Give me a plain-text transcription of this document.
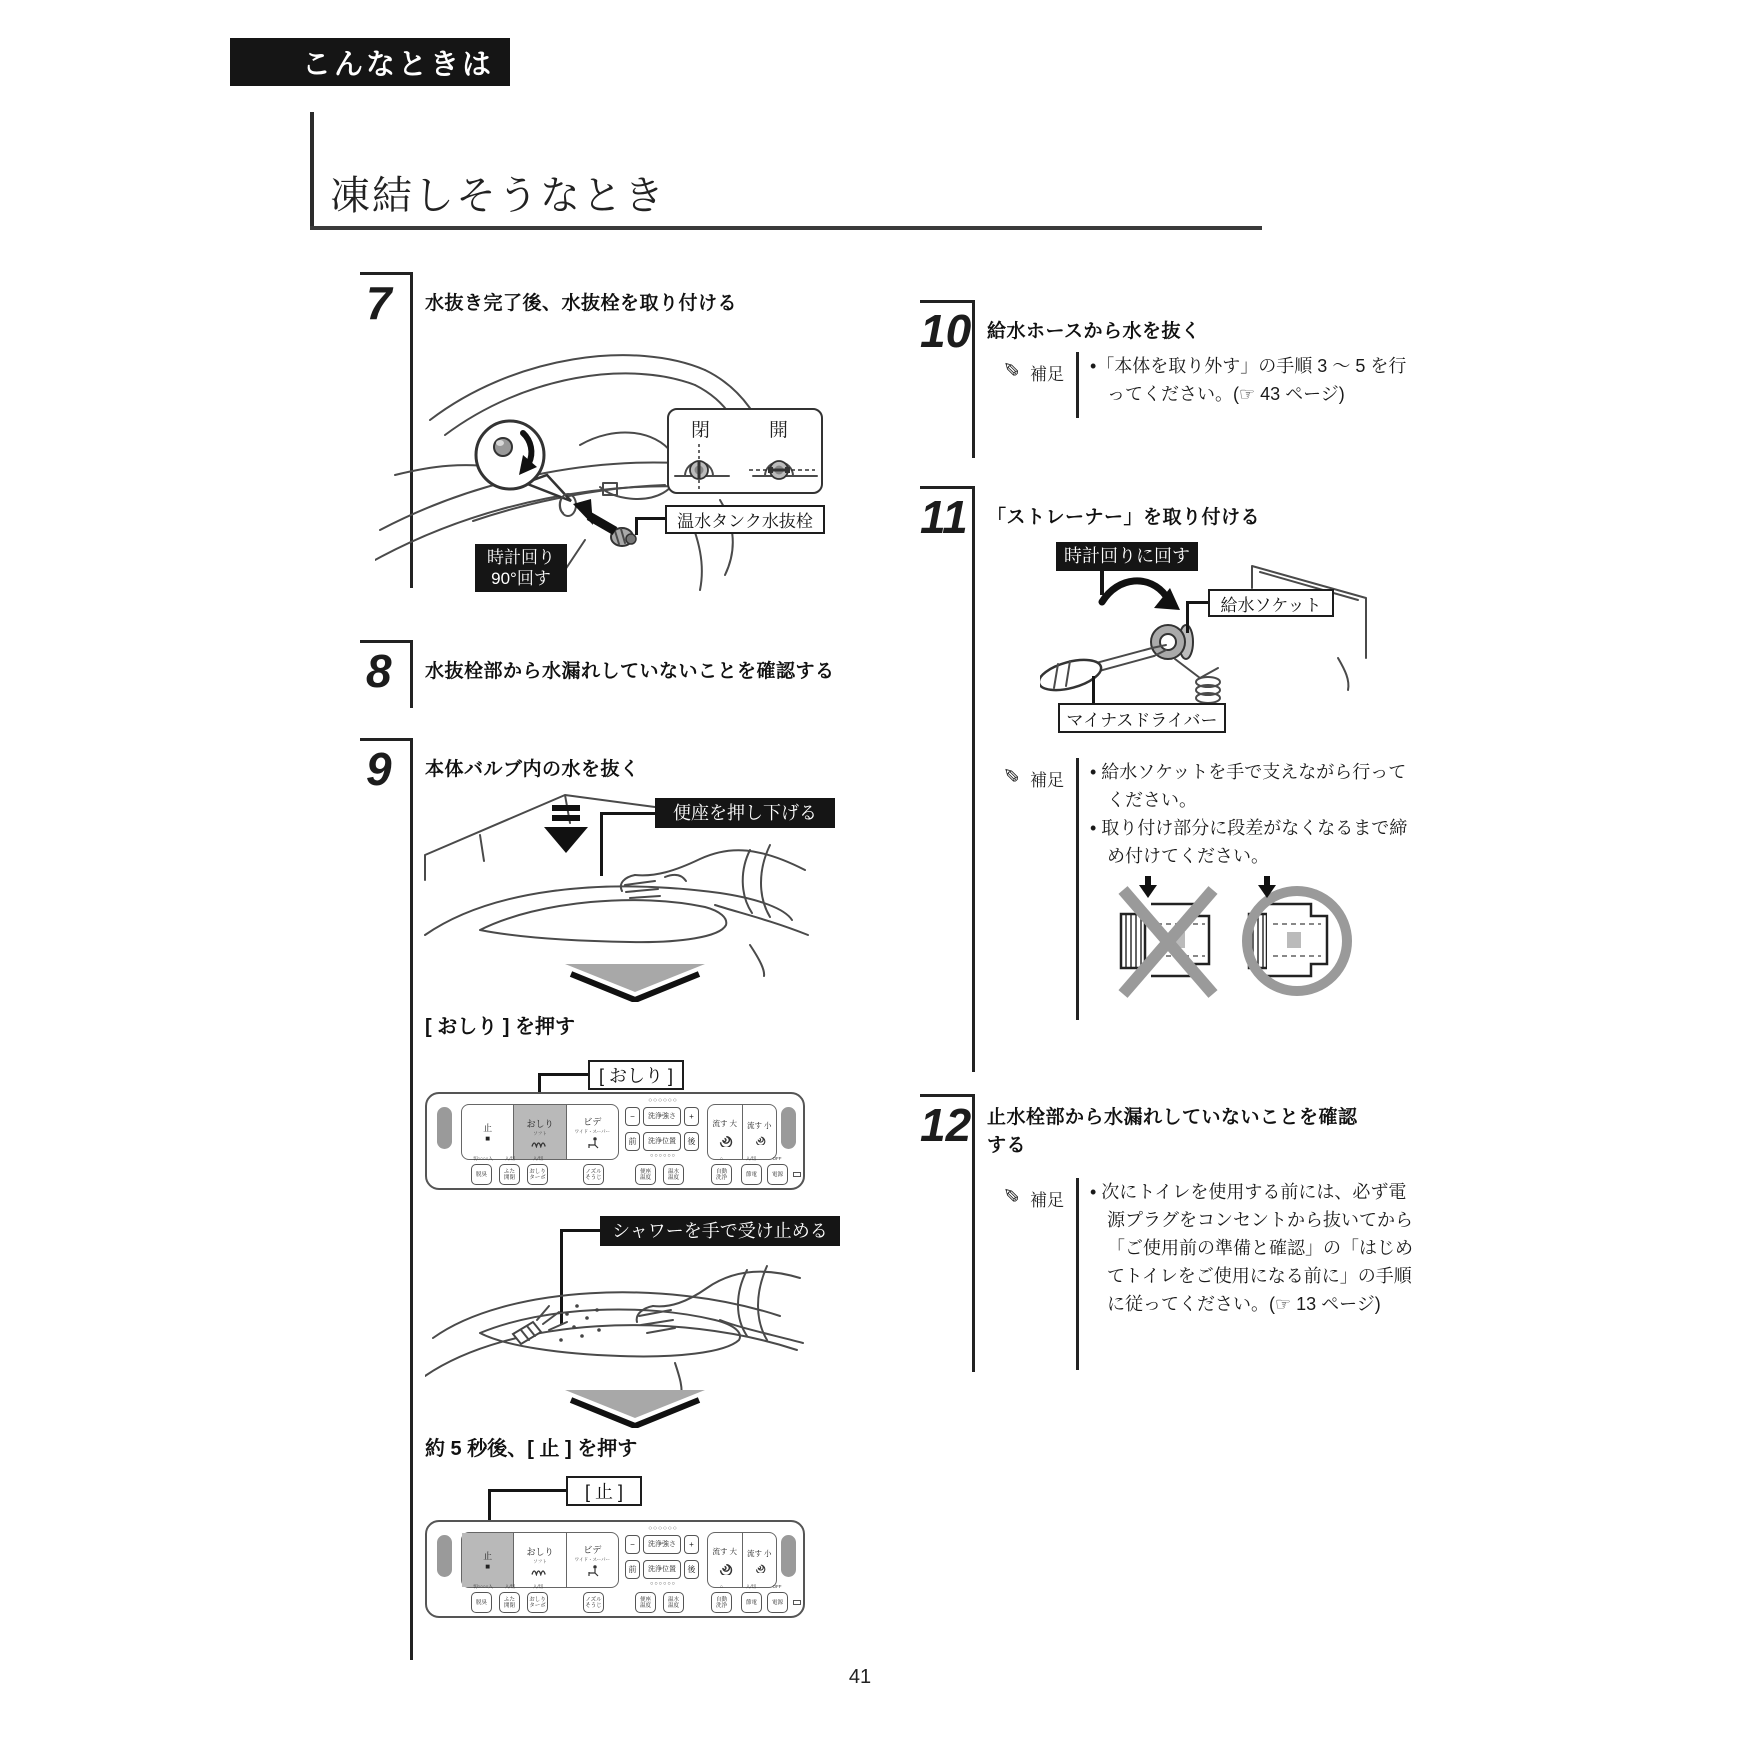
こんなときは
凍結しそうなとき
7 水抜き完了後、水抜栓を取り付ける
閉	開
温水タンク水抜栓
時計回り
90°回す
8 水抜栓部から水漏れしていないことを確認する
9 本体バルブ内の水を抜く
便座を押し下げる
[ おしり ] を押す
[ おしり ]
止
■
おしり
ソフト
ビデ
ワイド・スーパー
○○○○○○
−	洗浄強さ	+
前	洗浄位置	後
○○○○○○
流す 大 流す 小
切○○○○入	入/切	入/切	○	入/切	OFF
脱臭	ふた
開閉
おしり
ターボ
ノズル
そうじ
便座
温度
温水
温度
自動
洗浄	節電	電源
シャワーを手で受け止める
約 5 秒後、[ 止 ] を押す
[ 止 ]
止
■
おしり
ソフト
ビデ
ワイド・スーパー
○○○○○○
−	洗浄強さ	+
前	洗浄位置	後
○○○○○○
流す 大 流す 小
切○○○○入	入/切	入/切	○	入/切	OFF
脱臭	ふた
開閉
おしり
ターボ
ノズル
そうじ
便座
温度
温水
温度
自動
洗浄	節電	電源
10 給水ホースから水を抜く
✐ 補足 •「本体を取り外す」の手順 3 〜 5 を行ってください。(☞ 43 ページ)
11 「ストレーナー」を取り付ける
時計回りに回す
給水ソケット
マイナスドライバー
✐ 補足 • 給水ソケットを手で支えながら行ってください。
• 取り付け部分に段差がなくなるまで締め付けてください。
12 止水栓部から水漏れしていないことを確認する
✐ 補足 • 次にトイレを使用する前には、必ず電源プラグをコンセントから抜いてから「ご使用前の準備と確認」の「はじめてトイレをご使用になる前に」の手順に従ってください。(☞ 13 ページ)
41
